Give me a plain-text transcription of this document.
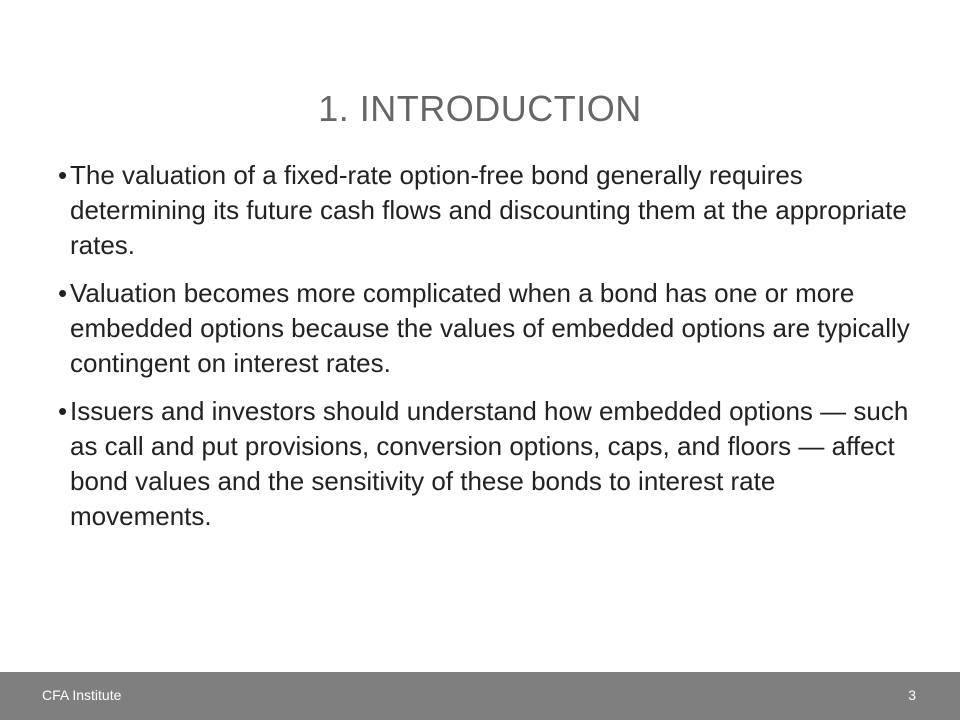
1. INTRODUCTION
• The valuation of a fixed-rate option-free bond generally requires determining its future cash flows and discounting them at the appropriate rates.
• Valuation becomes more complicated when a bond has one or more embedded options because the values of embedded options are typically contingent on interest rates.
• Issuers and investors should understand how embedded options — such as call and put provisions, conversion options, caps, and floors — affect bond values and the sensitivity of these bonds to interest rate movements.
CFA Institute	3
